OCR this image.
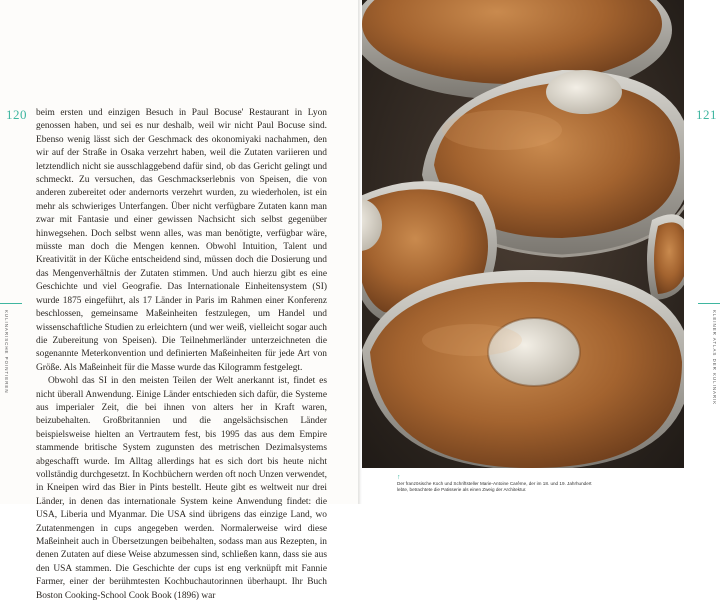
120
KULINARISCHE POINTIEREN

beim ersten und einzigen Besuch in Paul Bocuse' Restaurant in Lyon genossen haben, und sei es nur deshalb, weil wir nicht Paul Bocuse sind. Ebenso wenig lässt sich der Geschmack des okonomiyaki nachahmen, den wir auf der Straße in Osaka verzehrt haben, weil die Zutaten variieren und letztendlich nicht sie ausschlaggebend dafür sind, ob das Gericht gelingt und schmeckt. Zu versuchen, das Geschmackserlebnis von Speisen, die von anderen zubereitet oder andernorts verzehrt wurden, zu wiederholen, ist ein mehr als schwieriges Unterfangen. Über nicht verfügbare Zutaten kann man zwar mit Fantasie und einer gewissen Nachsicht sich selbst gegenüber hinwegsehen. Doch selbst wenn alles, was man benötigte, verfügbar wäre, müsste man doch die Mengen kennen. Obwohl Intuition, Talent und Kreativität in der Küche entscheidend sind, müssen doch die Dosierung und das Mengenverhältnis der Zutaten stimmen. Und auch hierzu gibt es eine Geschichte und viel Geografie. Das Internationale Einheitensystem (SI) wurde 1875 eingeführt, als 17 Länder in Paris im Rahmen einer Konferenz beschlossen, gemeinsame Maßeinheiten festzulegen, um Handel und wissenschaftliche Studien zu erleichtern (und wer weiß, vielleicht sogar auch die Zubereitung von Speisen). Die Teilnehmerländer unterzeichneten die sogenannte Meterkonvention und definierten Maßeinheiten für jede Art von Größe. Als Maßeinheit für die Masse wurde das Kilogramm festgelegt.

Obwohl das SI in den meisten Teilen der Welt anerkannt ist, findet es nicht überall Anwendung. Einige Länder entschieden sich dafür, die Systeme aus imperialer Zeit, die bei ihnen von alters her in Kraft waren, beizubehalten. Großbritannien und die angelsächsischen Länder beispielsweise hielten an Vertrautem fest, bis 1995 das aus dem Empire stammende britische System zugunsten des metrischen Dezimalsystems abgeschafft wurde. Im Alltag allerdings hat es sich dort bis heute nicht vollständig durchgesetzt. In Kochbüchern werden oft noch Unzen verwendet, in Kneipen wird das Bier in Pints bestellt. Heute gibt es weltweit nur drei Länder, in denen das internationale System keine Anwendung findet: die USA, Liberia und Myanmar. Die USA sind übrigens das einzige Land, wo Zutatenmengen in cups angegeben werden. Normalerweise wird diese Maßeinheit auch in Übersetzungen beibehalten, sodass man aus Rezepten, in denen Zutaten auf diese Weise abzumessen sind, schließen kann, dass sie aus den USA stammen. Die Geschichte der cups ist eng verknüpft mit Fannie Farmer, einer der berühmtesten Kochbuchautorinnen überhaupt. Ihr Buch Boston Cooking-School Cook Book (1896) war

121
KLEINER ATLAS DER KULINARIK
↑
Der französische Koch und Schriftsteller Marie-Antoine Carême, der im 18. und 19. Jahrhundert lebte, betrachtete die Patisserie als einen Zweig der Architektur.
